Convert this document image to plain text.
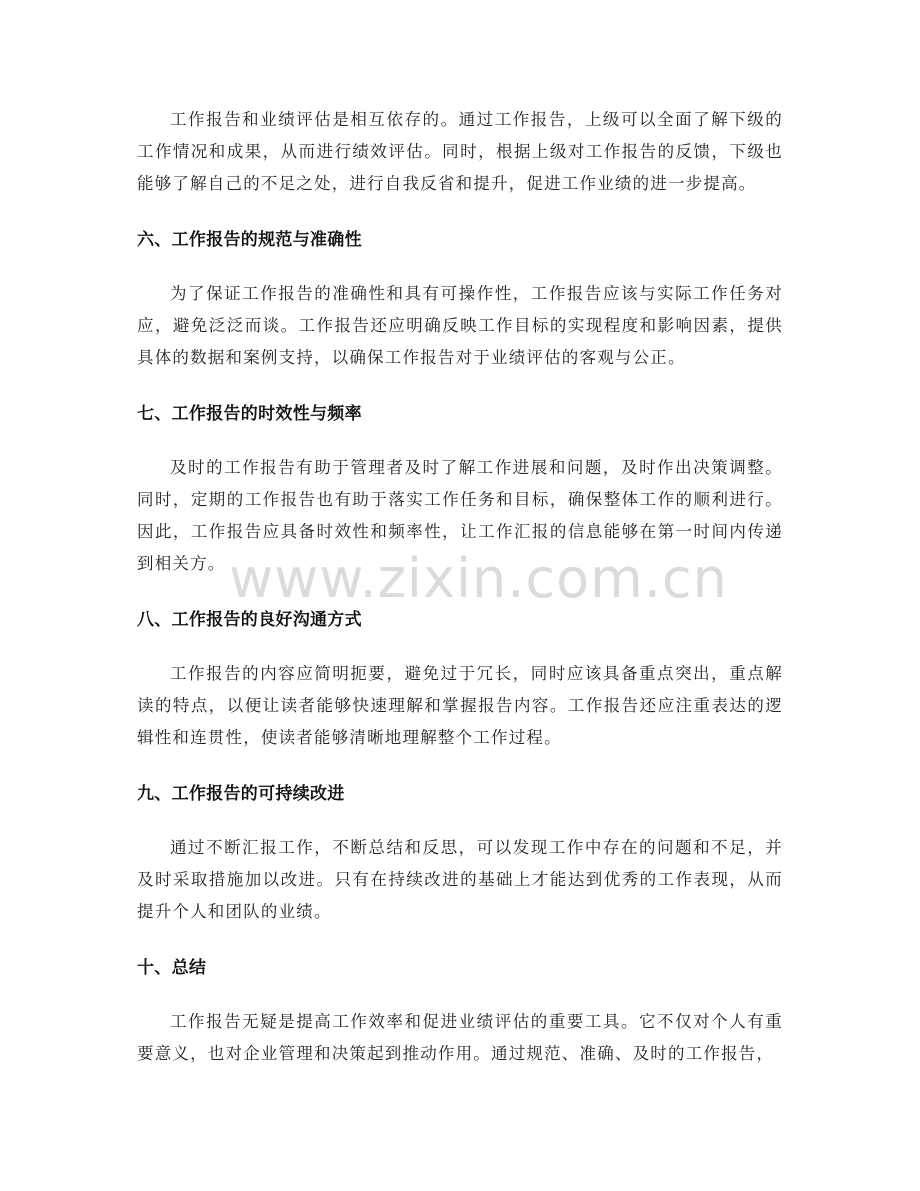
工作报告和业绩评估是相互依存的。通过工作报告，上级可以全面了解下级的工作情况和成果，从而进行绩效评估。同时，根据上级对工作报告的反馈，下级也能够了解自己的不足之处，进行自我反省和提升，促进工作业绩的进一步提高。

六、工作报告的规范与准确性

为了保证工作报告的准确性和具有可操作性，工作报告应该与实际工作任务对应，避免泛泛而谈。工作报告还应明确反映工作目标的实现程度和影响因素，提供具体的数据和案例支持，以确保工作报告对于业绩评估的客观与公正。

七、工作报告的时效性与频率

及时的工作报告有助于管理者及时了解工作进展和问题，及时作出决策调整。同时，定期的工作报告也有助于落实工作任务和目标，确保整体工作的顺利进行。因此，工作报告应具备时效性和频率性，让工作汇报的信息能够在第一时间内传递到相关方。

八、工作报告的良好沟通方式

工作报告的内容应简明扼要，避免过于冗长，同时应该具备重点突出，重点解读的特点，以便让读者能够快速理解和掌握报告内容。工作报告还应注重表达的逻辑性和连贯性，使读者能够清晰地理解整个工作过程。

九、工作报告的可持续改进

通过不断汇报工作，不断总结和反思，可以发现工作中存在的问题和不足，并及时采取措施加以改进。只有在持续改进的基础上才能达到优秀的工作表现，从而提升个人和团队的业绩。

十、总结

工作报告无疑是提高工作效率和促进业绩评估的重要工具。它不仅对个人有重要意义，也对企业管理和决策起到推动作用。通过规范、准确、及时的工作报告，

www.zixin.com.cn
